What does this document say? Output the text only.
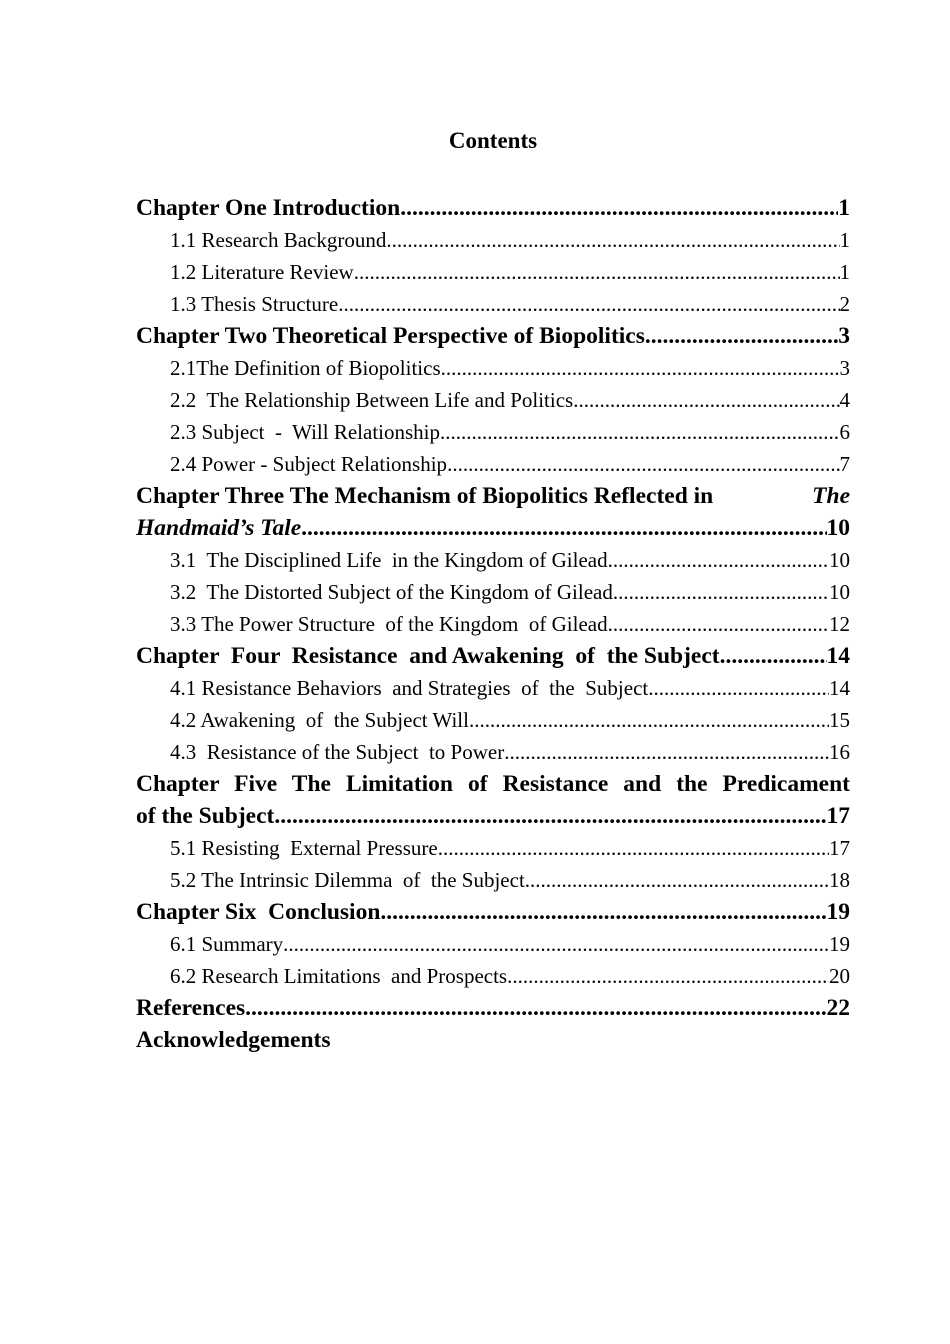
Contents
Chapter One Introduction .....	1
1.1 Research Background .....	1
1.2 Literature Review .....	1
1.3 Thesis Structure .....	2
Chapter Two Theoretical Perspective of Biopolitics .....	3
2.1The Definition of Biopolitics .....	3
2.2  The Relationship Between Life and Politics .....	4
2.3 Subject  -  Will Relationship .....	6
2.4 Power - Subject Relationship .....	7
Chapter Three The Mechanism of Biopolitics Reflected in	The
Handmaid’s Tale .....	10
3.1  The Disciplined Life  in the Kingdom of Gilead .....	10
3.2  The Distorted Subject of the Kingdom of Gilead .....	10
3.3 The Power Structure  of the Kingdom  of Gilead .....	12
Chapter  Four  Resistance  and Awakening  of  the Subject .....	14
4.1 Resistance Behaviors  and Strategies  of  the  Subject .....	14
4.2 Awakening  of  the Subject Will .....	15
4.3  Resistance of the Subject  to Power .....	16
Chapter Five The Limitation of Resistance and the Predicament
of the Subject .....	17
5.1 Resisting  External Pressure .....	17
5.2 The Intrinsic Dilemma  of  the Subject .....	18
Chapter Six  Conclusion .....	19
6.1 Summary .....	19
6.2 Research Limitations  and Prospects .....	20
References .....	22
Acknowledgements
